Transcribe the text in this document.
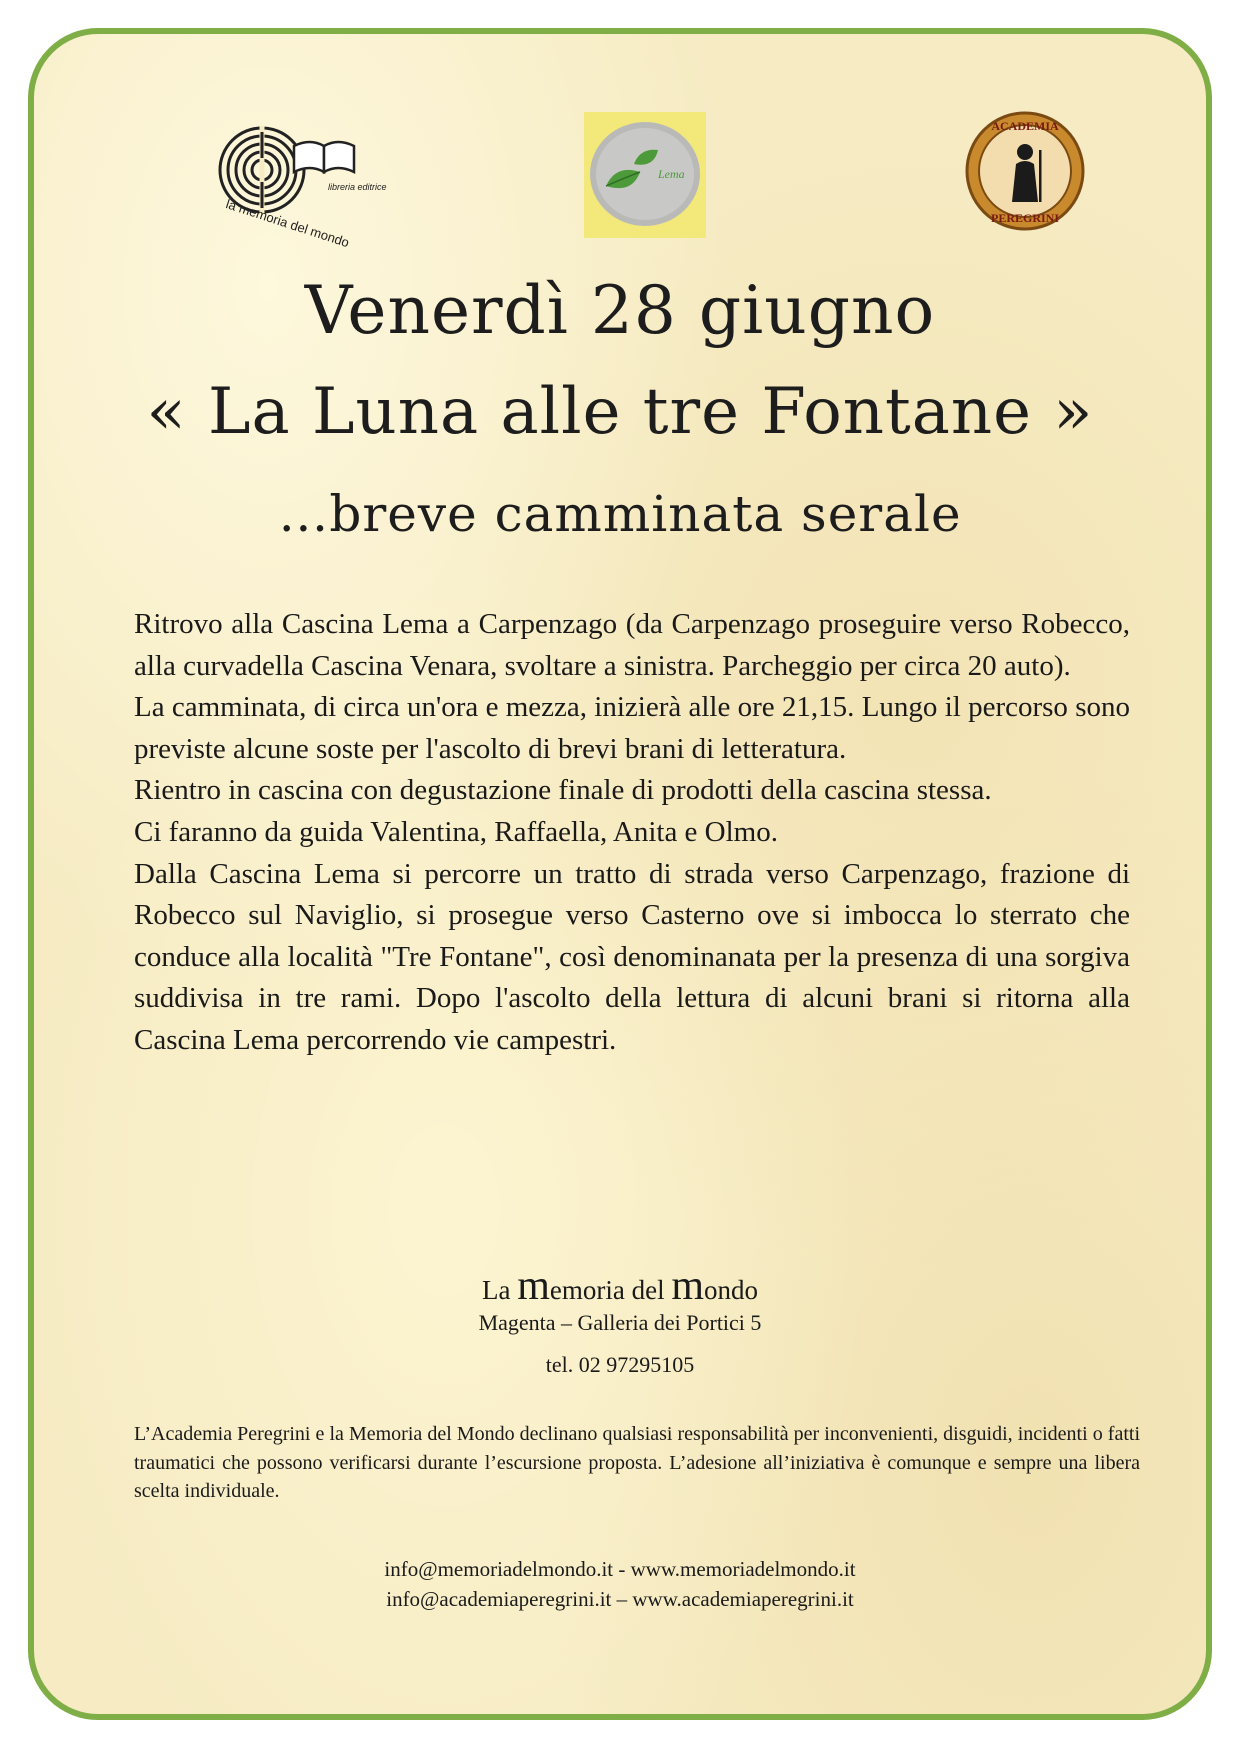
la memoria del mondo
libreria editrice
Lema
ACADEMIA
PEREGRINI
Venerdì 28 giugno
« La Luna alle tre Fontane »
…breve camminata serale

Ritrovo alla Cascina Lema a Carpenzago (da Carpenzago proseguire verso Robecco, alla curvadella Cascina Venara, svoltare a sinistra. Parcheggio per circa 20 auto).

La camminata, di circa un'ora e mezza, inizierà alle ore 21,15. Lungo il percorso sono previste alcune soste per l'ascolto di brevi brani di letteratura.

Rientro in cascina con degustazione finale di prodotti della cascina stessa.

Ci faranno da guida Valentina, Raffaella, Anita e Olmo.

Dalla Cascina Lema si percorre un tratto di strada verso Carpenzago, frazione di Robecco sul Naviglio, si prosegue verso Casterno ove si imbocca lo sterrato che conduce alla località "Tre Fontane", così denominanata per la presenza di una sorgiva suddivisa in tre rami. Dopo l'ascolto della lettura di alcuni brani si ritorna alla Cascina Lema percorrendo vie campestri.

La memoria del mondo
Magenta – Galleria dei Portici 5
tel. 02 97295105

L’Academia Peregrini e la Memoria del Mondo declinano qualsiasi responsabilità per inconvenienti, disguidi, incidenti o fatti traumatici che possono verificarsi durante l’escursione proposta. L’adesione all’iniziativa è comunque e sempre una libera scelta individuale.

info@memoriadelmondo.it - www.memoriadelmondo.it
info@academiaperegrini.it – www.academiaperegrini.it
